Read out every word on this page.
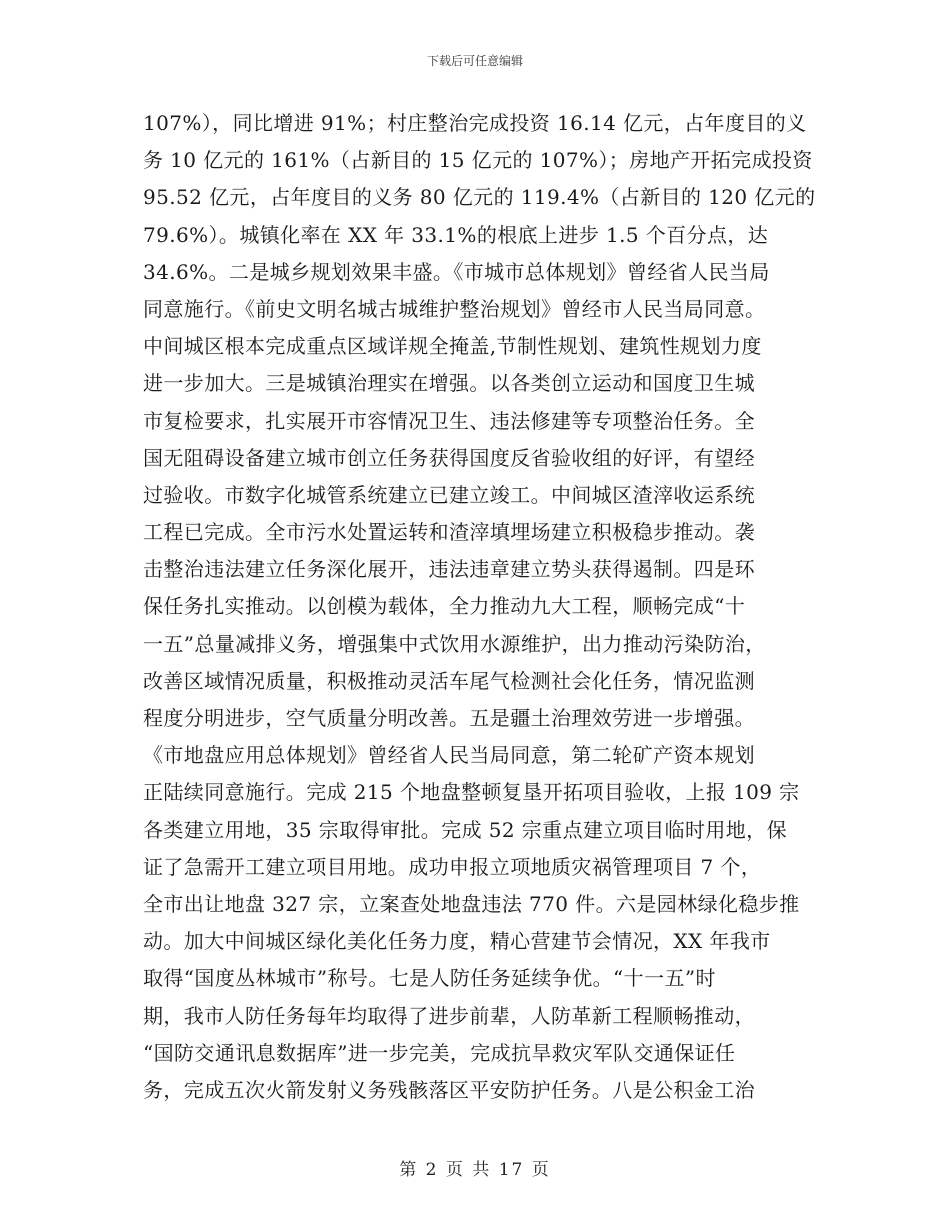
下载后可任意编辑
107%），同比增进 91%；村庄整治完成投资 16.14 亿元，占年度目的义
务 10 亿元的 161%（占新目的 15 亿元的 107%）；房地产开拓完成投资
95.52 亿元，占年度目的义务 80 亿元的 119.4%（占新目的 120 亿元的
79.6%）。城镇化率在 XX 年 33.1%的根底上进步 1.5 个百分点，达
34.6%。二是城乡规划效果丰盛。《市城市总体规划》曾经省人民当局
同意施行。《前史文明名城古城维护整治规划》曾经市人民当局同意。
中间城区根本完成重点区域详规全掩盖,节制性规划、建筑性规划力度
进一步加大。三是城镇治理实在增强。以各类创立运动和国度卫生城
市复检要求，扎实展开市容情况卫生、违法修建等专项整治任务。全
国无阻碍设备建立城市创立任务获得国度反省验收组的好评，有望经
过验收。市数字化城管系统建立已建立竣工。中间城区渣滓收运系统
工程已完成。全市污水处置运转和渣滓填埋场建立积极稳步推动。袭
击整治违法建立任务深化展开，违法违章建立势头获得遏制。四是环
保任务扎实推动。以创模为载体，全力推动九大工程，顺畅完成“十
一五”总量减排义务，增强集中式饮用水源维护，出力推动污染防治，
改善区域情况质量，积极推动灵活车尾气检测社会化任务，情况监测
程度分明进步，空气质量分明改善。五是疆土治理效劳进一步增强。
《市地盘应用总体规划》曾经省人民当局同意，第二轮矿产资本规划
正陆续同意施行。完成 215 个地盘整顿复垦开拓项目验收，上报 109 宗
各类建立用地，35 宗取得审批。完成 52 宗重点建立项目临时用地，保
证了急需开工建立项目用地。成功申报立项地质灾祸管理项目 7 个，
全市出让地盘 327 宗，立案查处地盘违法 770 件。六是园林绿化稳步推
动。加大中间城区绿化美化任务力度，精心营建节会情况，XX 年我市
取得“国度丛林城市”称号。七是人防任务延续争优。“十一五”时
期，我市人防任务每年均取得了进步前辈，人防革新工程顺畅推动，
“国防交通讯息数据库”进一步完美，完成抗旱救灾军队交通保证任
务，完成五次火箭发射义务残骸落区平安防护任务。八是公积金工治
第 2 页 共 17 页
